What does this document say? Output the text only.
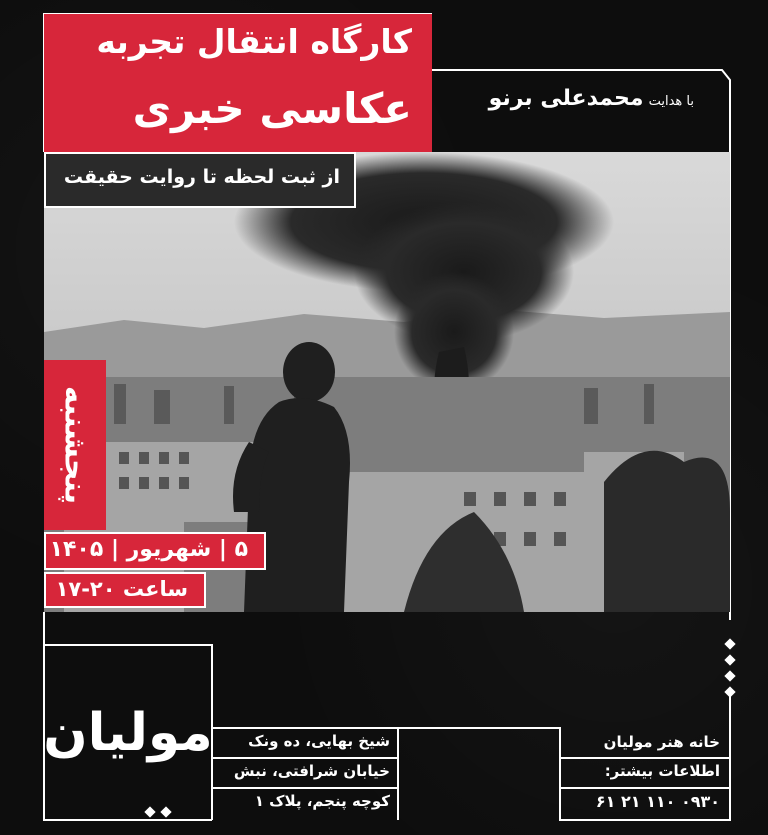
کارگاه انتقال تجربه
عکاسی خبری	با هدایت محمدعلی برنو
از ثبت لحظه تا روایت حقیقت
پنجشنبه
۵ | شهریور | ۱۴۰۵
ساعت ۲۰-۱۷
مولیان شیخ بهایی، ده ونک
خیابان شرافتی، نبش
کوچه پنجم، پلاک ۱
خانه هنر مولیان
اطلاعات بیشتر:
۰۹۳۰ ۱۱۰ ۲۱ ۶۱
